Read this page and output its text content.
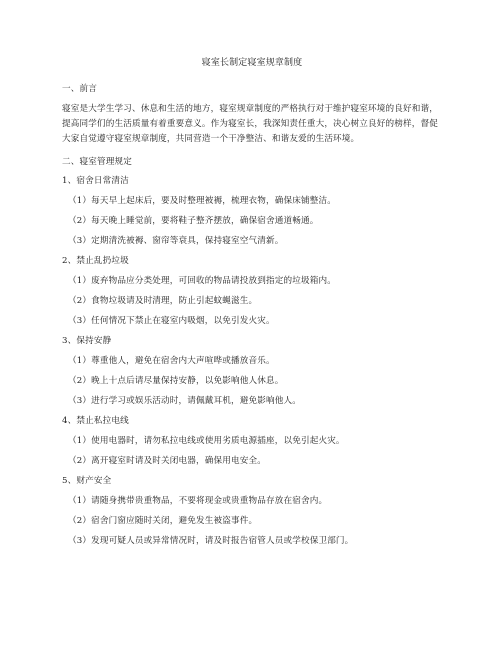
寝室长制定寝室规章制度
一、前言
寝室是大学生学习、休息和生活的地方，寝室规章制度的严格执行对于维护寝室环境的良好和谐，提高同学们的生活质量有着重要意义。作为寝室长，我深知责任重大，决心树立良好的榜样，督促大家自觉遵守寝室规章制度，共同营造一个干净整洁、和谐友爱的生活环境。
二、寝室管理规定
1、宿舍日常清洁
（1）每天早上起床后，要及时整理被褥，梳理衣物，确保床铺整洁。
（2）每天晚上睡觉前，要将鞋子整齐摆放，确保宿舍通道畅通。
（3）定期清洗被褥、窗帘等衰具，保持寝室空气清新。
2、禁止乱扔垃圾
（1）废弃物品应分类处理，可回收的物品请投放到指定的垃圾箱内。
（2）食物垃圾请及时清理，防止引起蚊蝇滋生。
（3）任何情况下禁止在寝室内吸烟，以免引发火灾。
3、保持安静
（1）尊重他人，避免在宿舍内大声喧哗或播放音乐。
（2）晚上十点后请尽量保持安静，以免影响他人休息。
（3）进行学习或娱乐活动时，请佩戴耳机，避免影响他人。
4、禁止私拉电线
（1）使用电器时，请勿私拉电线或使用劣质电源插座，以免引起火灾。
（2）离开寝室时请及时关闭电器，确保用电安全。
5、财产安全
（1）请随身携带贵重物品，不要将现金或贵重物品存放在宿舍内。
（2）宿舍门窗应随时关闭，避免发生被盗事件。
（3）发现可疑人员或异常情况时，请及时报告宿管人员或学校保卫部门。
